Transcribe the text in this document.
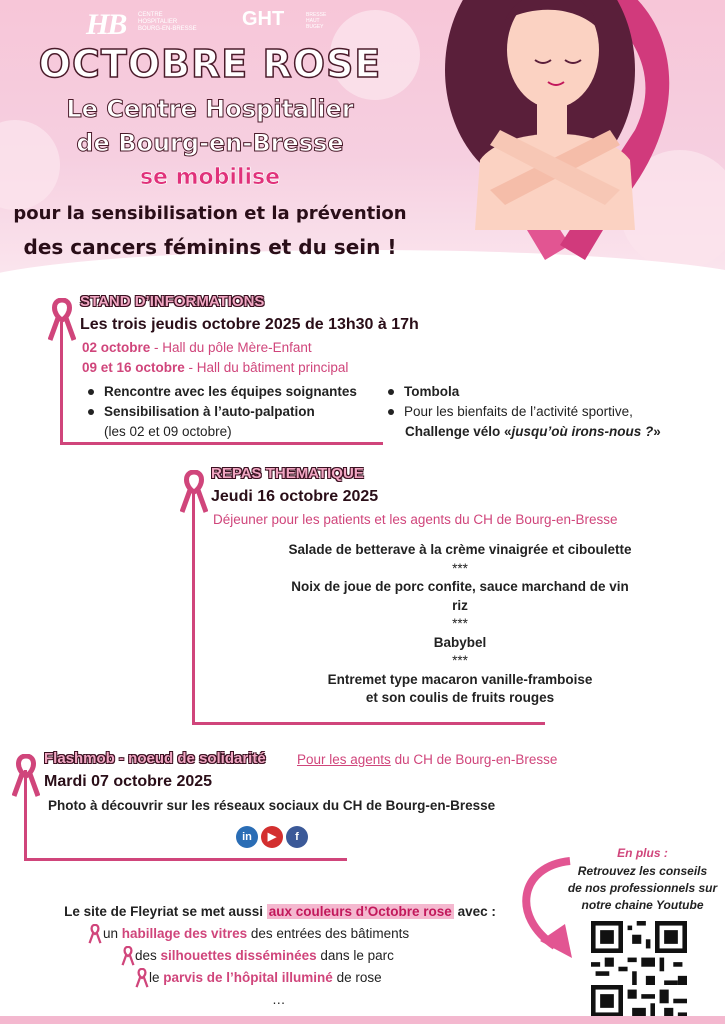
HB CENTRE HOSPITALIER BOURG-EN-BRESSE GHT	BRESSE HAUT BUGEY
OCTOBRE ROSE
Le Centre Hospitalier
de Bourg-en-Bresse
se mobilise
pour la sensibilisation et la prévention
des cancers féminins et du sein !
STAND D’INFORMATIONS
Les trois jeudis octobre 2025 de 13h30 à 17h
02 octobre - Hall du pôle Mère-Enfant
09 et 16 octobre - Hall du bâtiment principal
Rencontre avec les équipes soignantes
Sensibilisation à l’auto-palpation
(les 02 et 09 octobre)
Tombola
Pour les bienfaits de l’activité sportive,
Challenge vélo «jusqu’où irons-nous ?»
REPAS THEMATIQUE
Jeudi 16 octobre 2025
Déjeuner pour les patients et les agents du CH de Bourg-en-Bresse
Salade de betterave à la crème vinaigrée et ciboulette
***
Noix de joue de porc confite, sauce marchand de vin
riz
***
Babybel
***
Entremet type macaron vanille-framboise
et son coulis de fruits rouges
Flashmob - noeud de solidarité Pour les agents du CH de Bourg-en-Bresse
Mardi 07 octobre 2025
Photo à découvrir sur les réseaux sociaux du CH de Bourg-en-Bresse
in	▶	f
Le site de Fleyriat se met aussi aux couleurs d’Octobre rose avec :
un habillage des vitres des entrées des bâtiments
des silhouettes disséminées dans le parc
le parvis de l’hôpital illuminé de rose
…
En plus :
Retrouvez les conseils
de nos professionnels sur
notre chaine Youtube
